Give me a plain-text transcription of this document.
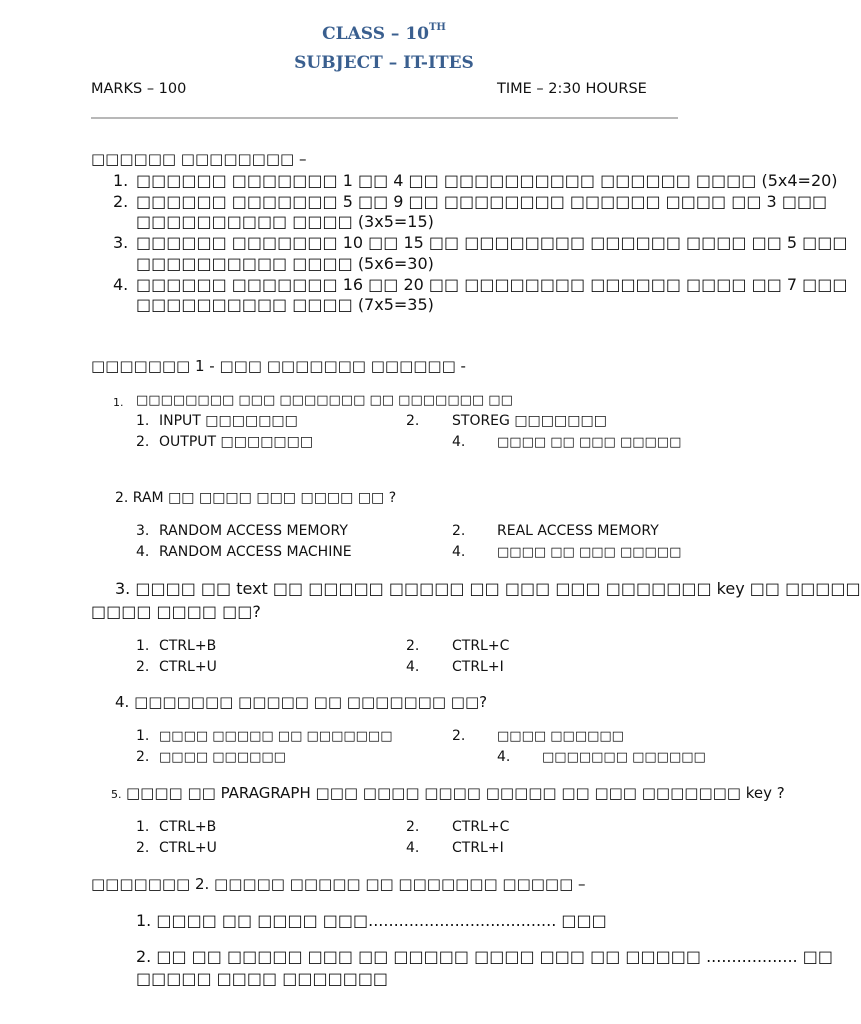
CLASS – 10TH
SUBJECT – IT-ITES
MARKS – 100	TIME – 2:30 HOURSE
□□□□□□ □□□□□□□□ –
1. □□□□□□ □□□□□□□ 1 □□ 4 □□ □□□□□□□□□□ □□□□□□ □□□□ (5x4=20)
2. □□□□□□ □□□□□□□ 5 □□ 9 □□ □□□□□□□□ □□□□□□ □□□□ □□ 3 □□□
□□□□□□□□□□ □□□□ (3x5=15)
3. □□□□□□ □□□□□□□ 10 □□ 15 □□ □□□□□□□□ □□□□□□ □□□□ □□ 5 □□□
□□□□□□□□□□ □□□□ (5x6=30)
4. □□□□□□ □□□□□□□ 16 □□ 20 □□ □□□□□□□□ □□□□□□ □□□□ □□ 7 □□□
□□□□□□□□□□ □□□□ (7x5=35)
□□□□□□□ 1 - □□□ □□□□□□□ □□□□□□ -
1. □□□□□□□□ □□□ □□□□□□□ □□ □□□□□□□ □□
1. INPUT □□□□□□□	2. STOREG □□□□□□□
2. OUTPUT □□□□□□□	4. □□□□ □□ □□□ □□□□□
2. RAM □□ □□□□ □□□ □□□□ □□ ?
3. RANDOM ACCESS MEMORY	2. REAL ACCESS MEMORY
4. RANDOM ACCESS MACHINE	4. □□□□ □□ □□□ □□□□□
3. □□□□ □□ text □□ □□□□□ □□□□□ □□ □□□ □□□ □□□□□□□ key □□ □□□□□
□□□□ □□□□ □□?
1. CTRL+B	2. CTRL+C
2. CTRL+U	4. CTRL+I
4. □□□□□□□ □□□□□ □□ □□□□□□□ □□?
1. □□□□ □□□□□ □□ □□□□□□□	2. □□□□ □□□□□□
2. □□□□ □□□□□□	4. □□□□□□□ □□□□□□
5. □□□□ □□ PARAGRAPH □□□ □□□□ □□□□ □□□□□ □□ □□□ □□□□□□□ key ?
1. CTRL+B	2. CTRL+C
2. CTRL+U	4. CTRL+I
□□□□□□□ 2. □□□□□ □□□□□ □□ □□□□□□□ □□□□□ –
1. □□□□ □□ □□□□ □□□..................................... □□□
2. □□ □□ □□□□□ □□□ □□ □□□□□ □□□□ □□□ □□ □□□□□ .................. □□
□□□□□ □□□□ □□□□□□□
